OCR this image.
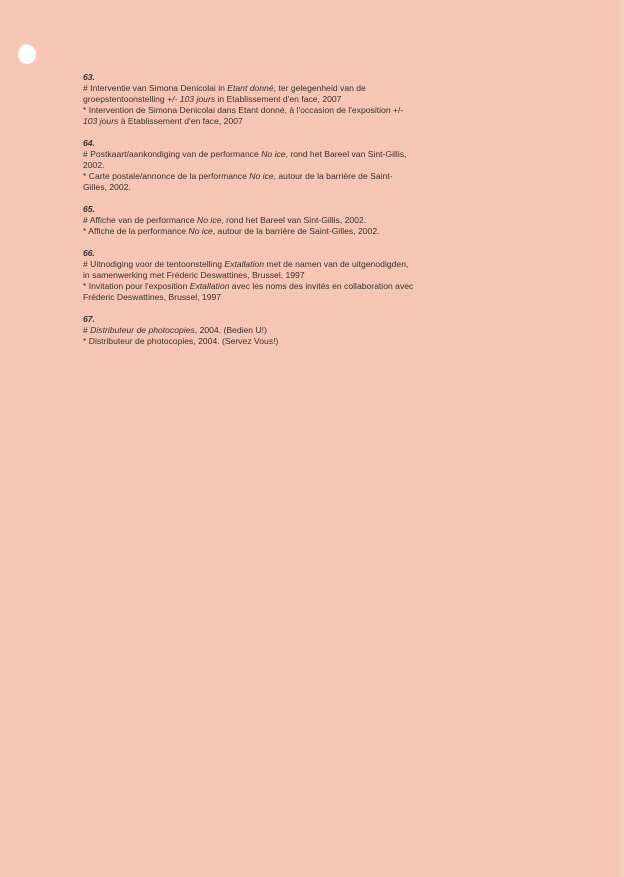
63.
# Interventie van Simona Denicolai in Etant donné, ter gelegenheid van de
groepstentoonstelling +/- 103 jours in Etablissement d'en face, 2007
* Intervention de Simona Denicolai dans Etant donné, à l'occasion de l'exposition +/-
103 jours à Etablissement d'en face, 2007
64.
# Postkaart/aankondiging van de performance No ice, rond het Bareel van Sint-Gillis,
2002.
* Carte postale/annonce de la performance No ice, autour de la barrière de Saint-
Gilles, 2002.
65.
# Affiche van de performance No ice, rond het Bareel van Sint-Gillis, 2002.
* Affiche de la performance No ice, autour de la barrière de Saint-Gilles, 2002.
66.
# Uitnodiging voor de tentoonstelling Extallation met de namen van de uitgenodigden,
in samenwerking met Fréderic Deswattines, Brussel, 1997
* Invitation pour l'exposition Extallation avec les noms des invités en collaboration avec
Fréderic Deswattines, Brussel, 1997
67.
# Distributeur de photocopies, 2004. (Bedien U!)
* Distributeur de photocopies, 2004. (Servez Vous!)
